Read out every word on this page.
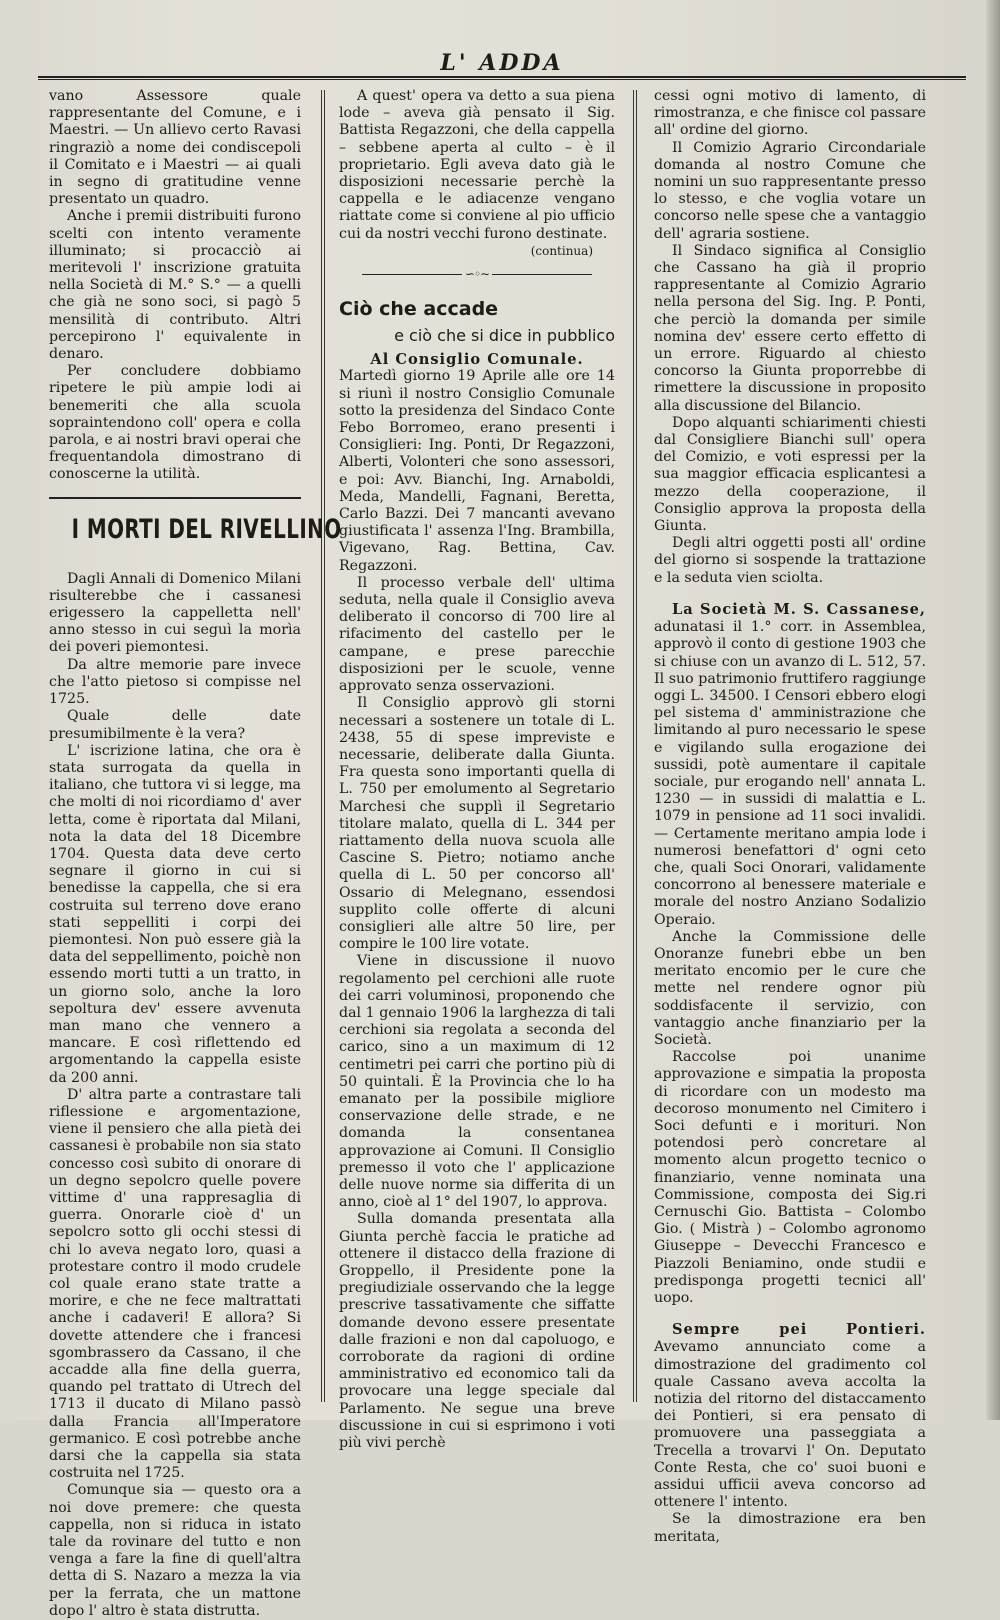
L' ADDA

vano Assessore quale rappresentante del Comune, e i Maestri. — Un allievo certo Ravasi ringraziò a nome dei condiscepoli il Comitato e i Maestri — ai quali in segno di gratitudine venne presentato un quadro.

Anche i premii distribuiti furono scelti con intento veramente illuminato; si procacciò ai meritevoli l' inscrizione gratuita nella Società di M.° S.° — a quelli che già ne sono soci, si pagò 5 mensilità di contributo. Altri percepirono l' equivalente in denaro.

Per concludere dobbiamo ripetere le più ampie lodi ai benemeriti che alla scuola sopraintendono coll' opera e colla parola, e ai nostri bravi operai che frequentandola dimostrano di conoscerne la utilità.

I MORTI DEL RIVELLINO

Dagli Annali di Domenico Milani risulterebbe che i cassanesi erigessero la cappelletta nell' anno stesso in cui seguì la morìa dei poveri piemontesi.

Da altre memorie pare invece che l'atto pietoso si compisse nel 1725.

Quale delle date presumibilmente è la vera?

L' iscrizione latina, che ora è stata surrogata da quella in italiano, che tuttora vi si legge, ma che molti di noi ricordiamo d' aver letta, come è riportata dal Milani, nota la data del 18 Dicembre 1704. Questa data deve certo segnare il giorno in cui si benedisse la cappella, che si era costruita sul terreno dove erano stati seppelliti i corpi dei piemontesi. Non può essere già la data del seppellimento, poichè non essendo morti tutti a un tratto, in un giorno solo, anche la loro sepoltura dev' essere avvenuta man mano che vennero a mancare. E così riflettendo ed argomentando la cappella esiste da 200 anni.

D' altra parte a contrastare tali riflessione e argomentazione, viene il pensiero che alla pietà dei cassanesi è probabile non sia stato concesso così subito di onorare di un degno sepolcro quelle povere vittime d' una rappresaglia di guerra. Onorarle cioè d' un sepolcro sotto gli occhi stessi di chi lo aveva negato loro, quasi a protestare contro il modo crudele col quale erano state tratte a morire, e che ne fece maltrattati anche i cadaveri! E allora? Si dovette attendere che i francesi sgombrassero da Cassano, il che accadde alla fine della guerra, quando pel trattato di Utrech del 1713 il ducato di Milano passò dalla Francia all'Imperatore germanico. E così potrebbe anche darsi che la cappella sia stata costruita nel 1725.

Comunque sia — questo ora a noi dove premere: che questa cappella, non si riduca in istato tale da rovinare del tutto e non venga a fare la fine di quell'altra detta di S. Nazaro a mezza la via per la ferrata, che un mattone dopo l' altro è stata distrutta.

A quest' opera va detto a sua piena lode – aveva già pensato il Sig. Battista Regazzoni, che della cappella – sebbene aperta al culto – è il proprietario. Egli aveva dato già le disposizioni necessarie perchè la cappella e le adiacenze vengano riattate come si conviene al pio ufficio cui da nostri vecchi furono destinate.

(continua)
∽◦∼
Ciò che accade
e ciò che si dice in pubblico

Al Consiglio Comunale.

Martedì giorno 19 Aprile alle ore 14 si riunì il nostro Consiglio Comunale sotto la presidenza del Sindaco Conte Febo Borromeo, erano presenti i Consiglieri: Ing. Ponti, Dr Regazzoni, Alberti, Volonteri che sono assessori, e poi: Avv. Bianchi, Ing. Arnaboldi, Meda, Mandelli, Fagnani, Beretta, Carlo Bazzi. Dei 7 mancanti avevano giustificata l' assenza l'Ing. Brambilla, Vigevano, Rag. Bettina, Cav. Regazzoni.

Il processo verbale dell' ultima seduta, nella quale il Consiglio aveva deliberato il concorso di 700 lire al rifacimento del castello per le campane, e prese parecchie disposizioni per le scuole, venne approvato senza osservazioni.

Il Consiglio approvò gli storni necessari a sostenere un totale di L. 2438, 55 di spese impreviste e necessarie, deliberate dalla Giunta. Fra questa sono importanti quella di L. 750 per emolumento al Segretario Marchesi che supplì il Segretario titolare malato, quella di L. 344 per riattamento della nuova scuola alle Cascine S. Pietro; notiamo anche quella di L. 50 per concorso all' Ossario di Melegnano, essendosi supplito colle offerte di alcuni consiglieri alle altre 50 lire, per compire le 100 lire votate.

Viene in discussione il nuovo regolamento pel cerchioni alle ruote dei carri voluminosi, proponendo che dal 1 gennaio 1906 la larghezza di tali cerchioni sia regolata a seconda del carico, sino a un maximum di 12 centimetri pei carri che portino più di 50 quintali. È la Provincia che lo ha emanato per la possibile migliore conservazione delle strade, e ne domanda la consentanea approvazione ai Comuni. Il Consiglio premesso il voto che l' applicazione delle nuove norme sia differita di un anno, cioè al 1° del 1907, lo approva.

Sulla domanda presentata alla Giunta perchè faccia le pratiche ad ottenere il distacco della frazione di Groppello, il Presidente pone la pregiudiziale osservando che la legge prescrive tassativamente che siffatte domande devono essere presentate dalle frazioni e non dal capoluogo, e corroborate da ragioni di ordine amministrativo ed economico tali da provocare una legge speciale dal Parlamento. Ne segue una breve discussione in cui si esprimono i voti più vivi perchè

cessi ogni motivo di lamento, di rimostranza, e che finisce col passare all' ordine del giorno.

Il Comizio Agrario Circondariale domanda al nostro Comune che nomini un suo rappresentante presso lo stesso, e che voglia votare un concorso nelle spese che a vantaggio dell' agraria sostiene.

Il Sindaco significa al Consiglio che Cassano ha già il proprio rappresentante al Comizio Agrario nella persona del Sig. Ing. P. Ponti, che perciò la domanda per simile nomina dev' essere certo effetto di un errore. Riguardo al chiesto concorso la Giunta proporrebbe di rimettere la discussione in proposito alla discussione del Bilancio.

Dopo alquanti schiarimenti chiesti dal Consigliere Bianchi sull' opera del Comizio, e voti espressi per la sua maggior efficacia esplicantesi a mezzo della cooperazione, il Consiglio approva la proposta della Giunta.

Degli altri oggetti posti all' ordine del giorno si sospende la trattazione e la seduta vien sciolta.

La Società M. S. Cassanese, adunatasi il 1.° corr. in Assemblea, approvò il conto di gestione 1903 che si chiuse con un avanzo di L. 512, 57. Il suo patrimonio fruttifero raggiunge oggi L. 34500. I Censori ebbero elogi pel sistema d' amministrazione che limitando al puro necessario le spese e vigilando sulla erogazione dei sussidi, potè aumentare il capitale sociale, pur erogando nell' annata L. 1230 — in sussidi di malattia e L. 1079 in pensione ad 11 soci invalidi. — Certamente meritano ampia lode i numerosi benefattori d' ogni ceto che, quali Soci Onorari, validamente concorrono al benessere materiale e morale del nostro Anziano Sodalizio Operaio.

Anche la Commissione delle Onoranze funebri ebbe un ben meritato encomio per le cure che mette nel rendere ognor più soddisfacente il servizio, con vantaggio anche finanziario per la Società.

Raccolse poi unanime approvazione e simpatia la proposta di ricordare con un modesto ma decoroso monumento nel Cimitero i Soci defunti e i morituri. Non potendosi però concretare al momento alcun progetto tecnico o finanziario, venne nominata una Commissione, composta dei Sig.ri Cernuschi Gio. Battista – Colombo Gio. ( Mistrà ) – Colombo agronomo Giuseppe – Devecchi Francesco e Piazzoli Beniamino, onde studii e predisponga progetti tecnici all' uopo.

Sempre pei Pontieri. Avevamo annunciato come a dimostrazione del gradimento col quale Cassano aveva accolta la notizia del ritorno del distaccamento dei Pontieri, si era pensato di promuovere una passeggiata a Trecella a trovarvi l' On. Deputato Conte Resta, che co' suoi buoni e assidui ufficii aveva concorso ad ottenere l' intento.

Se la dimostrazione era ben meritata,
